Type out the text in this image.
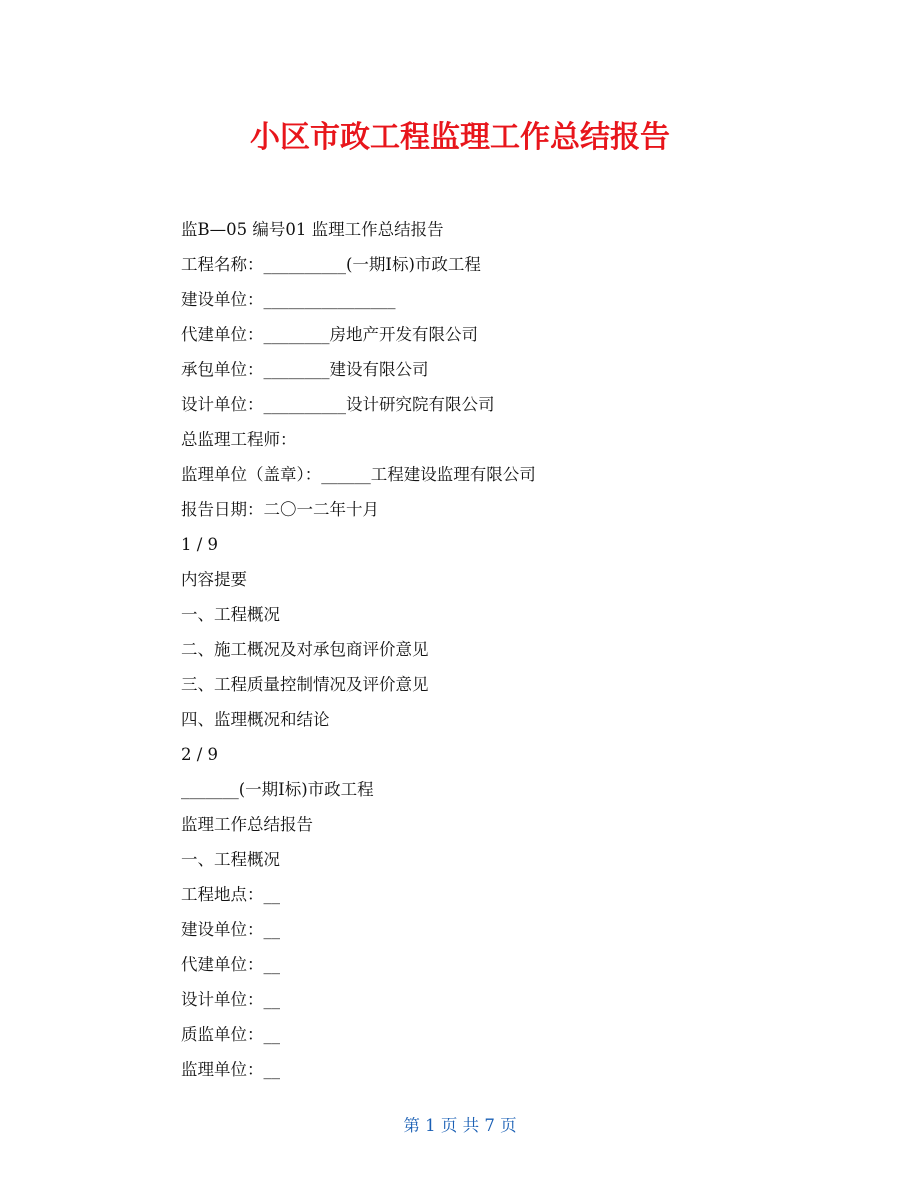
小区市政工程监理工作总结报告
监B—05 编号01 监理工作总结报告
工程名称：__________(一期Ⅰ标)市政工程
建设单位：________________
代建单位：________房地产开发有限公司
承包单位：________建设有限公司
设计单位：__________设计研究院有限公司
总监理工程师：
监理单位（盖章）：______工程建设监理有限公司
报告日期：二〇一二年十月
1 / 9
内容提要
一、工程概况
二、施工概况及对承包商评价意见
三、工程质量控制情况及评价意见
四、监理概况和结论
2 / 9
_______(一期Ⅰ标)市政工程
监理工作总结报告
一、工程概况
工程地点：__
建设单位：__
代建单位：__
设计单位：__
质监单位：__
监理单位：__
第 1 页 共 7 页
